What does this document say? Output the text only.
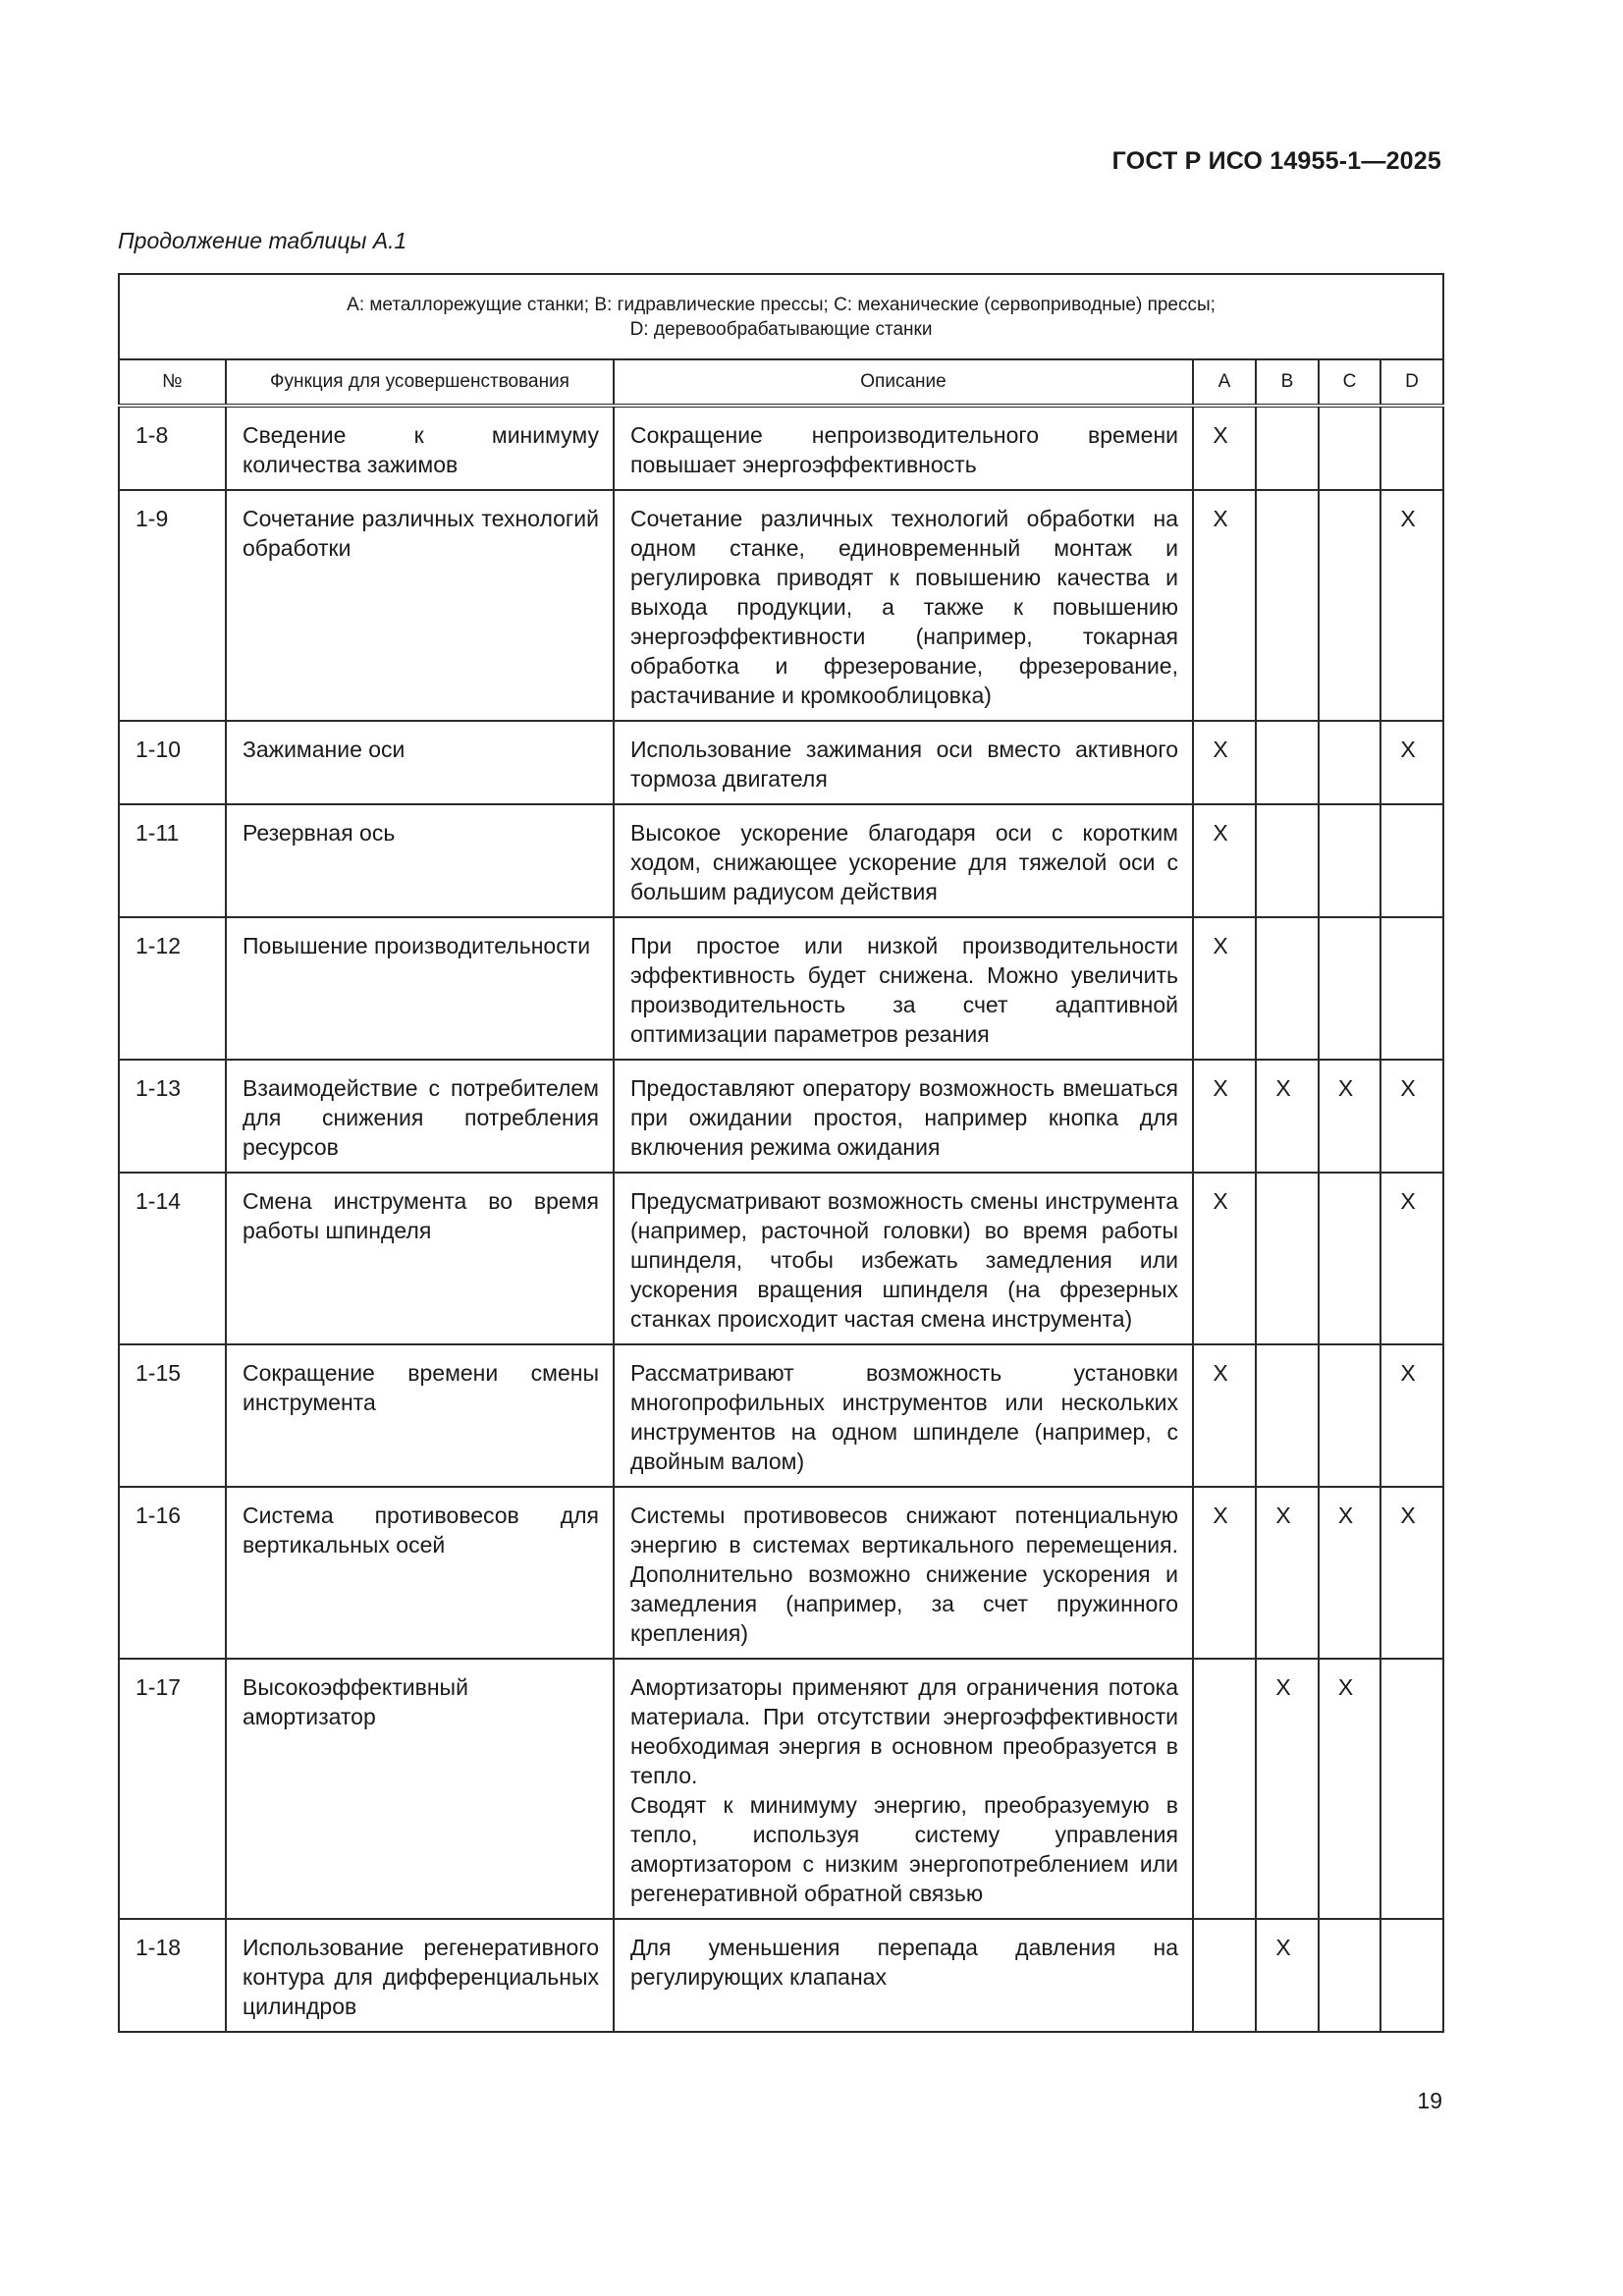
ГОСТ Р ИСО 14955-1—2025
Продолжение таблицы А.1
A: металлорежущие станки; B: гидравлические прессы; C: механические (сервоприводные) прессы;
D: деревообрабатывающие станки						

№	Функция для усовершенствования	Описание	A	B	C	D
1-8	Сведение к минимуму количества зажимов	Сокращение непроизводительного времени повышает энергоэффективность	X			
1-9	Сочетание различных технологий обработки	Сочетание различных технологий обработки на одном станке, единовременный монтаж и регулировка приводят к повышению качества и выхода продукции, а также к повышению энергоэффективности (например, токарная обработка и фрезерование, фрезерование, растачивание и кромкооблицовка)	X			X
1-10	Зажимание оси	Использование зажимания оси вместо активного тормоза двигателя	X			X
1-11	Резервная ось	Высокое ускорение благодаря оси с коротким ходом, снижающее ускорение для тяжелой оси с большим радиусом действия	X			
1-12	Повышение производительности	При простое или низкой производительности эффективность будет снижена. Можно увеличить производительность за счет адаптивной оптимизации параметров резания	X			
1-13	Взаимодействие с потребителем для снижения потребления ресурсов	Предоставляют оператору возможность вмешаться при ожидании простоя, например кнопка для включения режима ожидания	X	X	X	X
1-14	Смена инструмента во время работы шпинделя	Предусматривают возможность смены инструмента (например, расточной головки) во время работы шпинделя, чтобы избежать замедления или ускорения вращения шпинделя (на фрезерных станках происходит частая смена инструмента)	X			X
1-15	Сокращение времени смены инструмента	Рассматривают возможность установки многопрофильных инструментов или нескольких инструментов на одном шпинделе (например, с двойным валом)	X			X
1-16	Система противовесов для вертикальных осей	Системы противовесов снижают потенциальную энергию в системах вертикального перемещения. Дополнительно возможно снижение ускорения и замедления (например, за счет пружинного крепления)	X	X	X	X
1-17	Высокоэффективный амортизатор	Амортизаторы применяют для ограничения потока материала. При отсутствии энергоэффективности необходимая энергия в основном преобразуется в тепло.
Сводят к минимуму энергию, преобразуемую в тепло, используя систему управления амортизатором с низким энергопотреблением или регенеративной обратной связью		X	X	
1-18	Использование регенеративного контура для дифференциальных цилиндров	Для уменьшения перепада давления на регулирующих клапанах		X		
19
